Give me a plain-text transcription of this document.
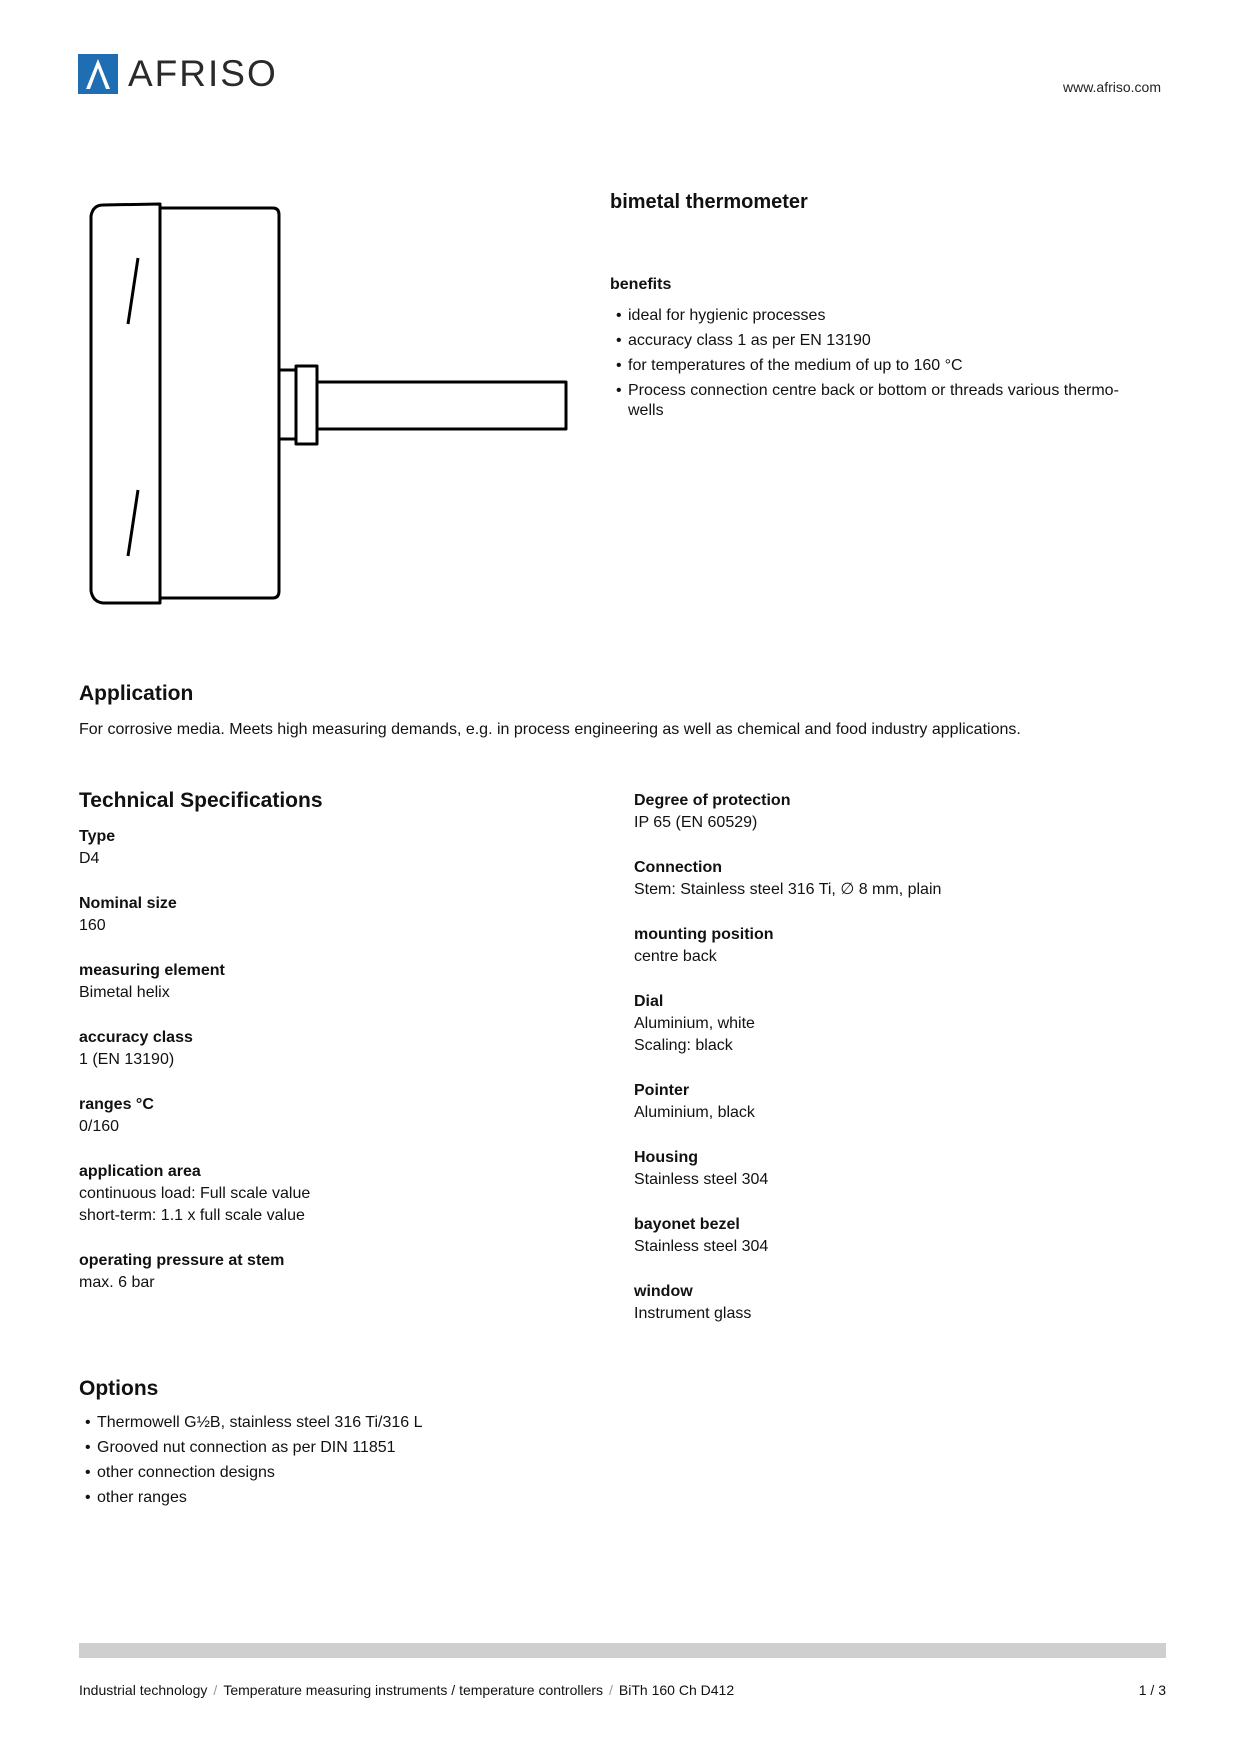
AFRISO	www.afriso.com
bimetal thermometer
benefits
• ideal for hygienic processes
• accuracy class 1 as per EN 13190
• for temperatures of the medium of up to 160 °C
• Process connection centre back or bottom or threads various thermo-wells
Application
For corrosive media. Meets high measuring demands, e.g. in process engineering as well as chemical and food industry applications.
Technical Specifications
Type
D4
Nominal size
160
measuring element
Bimetal helix
accuracy class
1 (EN 13190)
ranges °C
0/160
application area
continuous load: Full scale value
short-term: 1.1 x full scale value
operating pressure at stem
max. 6 bar
Degree of protection
IP 65 (EN 60529)
Connection
Stem: Stainless steel 316 Ti, ∅ 8 mm, plain
mounting position
centre back
Dial
Aluminium, white
Scaling: black
Pointer
Aluminium, black
Housing
Stainless steel 304
bayonet bezel
Stainless steel 304
window
Instrument glass
Options
• Thermowell G½B, stainless steel 316 Ti/316 L
• Grooved nut connection as per DIN 11851
• other connection designs
• other ranges
Industrial technology / Temperature measuring instruments / temperature controllers / BiTh 160 Ch D412	1 / 3
